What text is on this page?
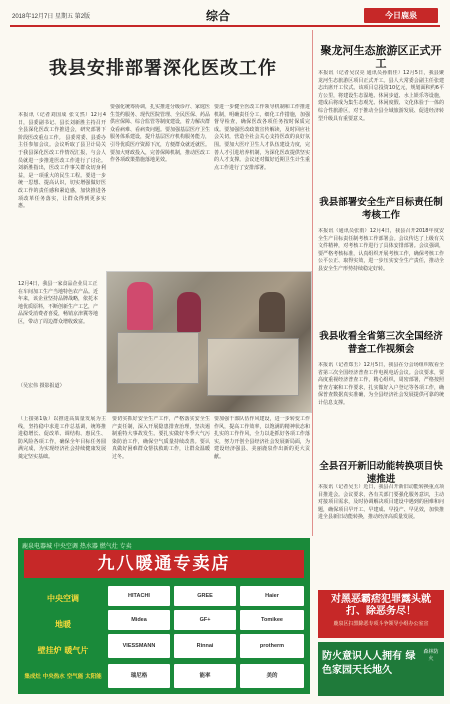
2018年12月7日 星期五 第2版	综合	今日鹿泉
我县安排部署深化医改工作
本报讯（记者刘国成 张文然）12月4日，县委副书记、县长刘新胜主持召开全县深化医改工作推进会，研究部署下阶段医改重点工作。 县委常委、县委办主任参加会议。会议听取了县卫计局关于我县深化医改工作情况汇报，与会人员就进一步推进医改工作进行了讨论。刘新胜指出，医改工作事关群众切身利益，是一项重大的民生工程。要进一步统一思想、提高认识，切实增强做好医改工作的责任感和紧迫感，加快推进各项改革任务落实，让群众得到更多实惠。
要强化统筹协调，扎实推进分级诊疗、家庭医生签约服务、现代医院管理、全民医保、药品供应保障、综合监管等制度建设，着力解决群众看病难、看病贵问题。要加强基层医疗卫生服务体系建设，提升基层医疗机构服务能力，引导优质医疗资源下沉，方便群众就近就医。要加大财政投入，完善保障机制，推动医改工作各项政策措施落地见效。
要进一步健全医改工作领导机制和工作推进机制，明确责任分工，细化工作措施，加强督导检查，确保医改各项任务按时保质完成。要加强医改政策宣传解读，及时回应社会关切，营造全社会关心支持医改的良好氛围。要加大医疗卫生人才队伍建设力度，完善人才引进培养机制，为深化医改提供坚实的人才支撑。会议还对做好近期卫生计生重点工作进行了安排部署。
12月4日，我县一家食品企业员工正在车间加工生产当地特色农产品。近年来，该企业坚持品牌战略，依托本地优质原料，不断创新生产工艺，产品深受消费者喜爱，畅销京津冀等地区，带动了周边群众增收致富。
（吴宏伟 摄影报道）
（上接第1版）以推进高质量发展为主线，坚持稳中求进工作总基调，统筹推进稳增长、促改革、调结构、惠民生、防风险各项工作，确保全年目标任务圆满完成，为实现经济社会持续健康发展奠定坚实基础。
要切实抓好安全生产工作，严格落实安全生产责任制，深入开展隐患排查治理，坚决遏制重特大事故发生。要扎实做好冬季大气污染防治工作，确保空气质量持续改善。要认真做好困难群众帮扶救助工作，让群众温暖过冬。
要加强干部队伍作风建设，进一步转变工作作风，提高工作效率，以饱满的精神状态和扎实的工作作风，全力以赴抓好各项工作落实，努力开创全县经济社会发展新局面，为建设经济强县、美丽鹿泉作出新的更大贡献。
聚龙河生态旅游区正式开工
本报讯（记者吴汉亮 通讯员孙雨佳）12月5日，我县聚龙河生态旅游区项目正式开工。县人大常委会副主任张建志出席开工仪式。该项目总投资10亿元，规划面积约6平方公里，将建设生态湿地、休闲步道、水上娱乐等设施，建成后将成为集生态观光、休闲度假、文化体验于一体的综合性旅游区，对于推动全县全域旅游发展、促进经济转型升级具有重要意义。
我县部署安全生产目标责任制考核工作
本报讯（通讯员张雨）12月4日，我县召开2018年度安全生产目标责任制考核工作部署会。会议传达了上级有关文件精神，对考核工作进行了具体安排部署。会议强调，要严格考核标准，认真组织开展考核工作，确保考核工作公平公正、取得实效，进一步压实安全生产责任，推动全县安全生产形势持续稳定好转。
我县收看全省第三次全国经济普查工作视频会
本报讯（记者郑玉）12月5日，我县在分会场组织收看全省第三次全国经济普查工作电视电话会议。会议要求，要高度重视经济普查工作，精心组织，周密部署，严格按照普查方案和工作要求，扎实做好入户登记等各项工作，确保普查数据真实准确，为全县经济社会发展提供可靠的统计信息支撑。
全县召开新旧动能转换项目快速推进
本报讯（记者吴玉）近日，我县召开新旧动能转换重点项目推进会。会议要求，各有关部门要强化服务意识，主动对接项目需求，及时协调解决项目建设中遇到的困难和问题，确保项目早开工、早建成、早投产、早见效，加快推进全县新旧动能转换，推动经济高质量发展。
鹿泉电器城 中央空调 热水器 燃气灶 专卖
九八暖通专卖店
中央空调
地暖
壁挂炉 暖气片
集成灶 中央热水 空气能 太阳能
HITACHI	GREE	Haier
Midea	GF+	Tomikee
VIESSMANN	Rinnai	protherm
瑞尼格	能率	美的
对黑恶霸痞犯罪露头就打、除恶务尽！
鹿泉区扫黑除恶专项斗争领导小组办公室宣
防火意识人人拥有 绿色家园天长地久
森林防火
